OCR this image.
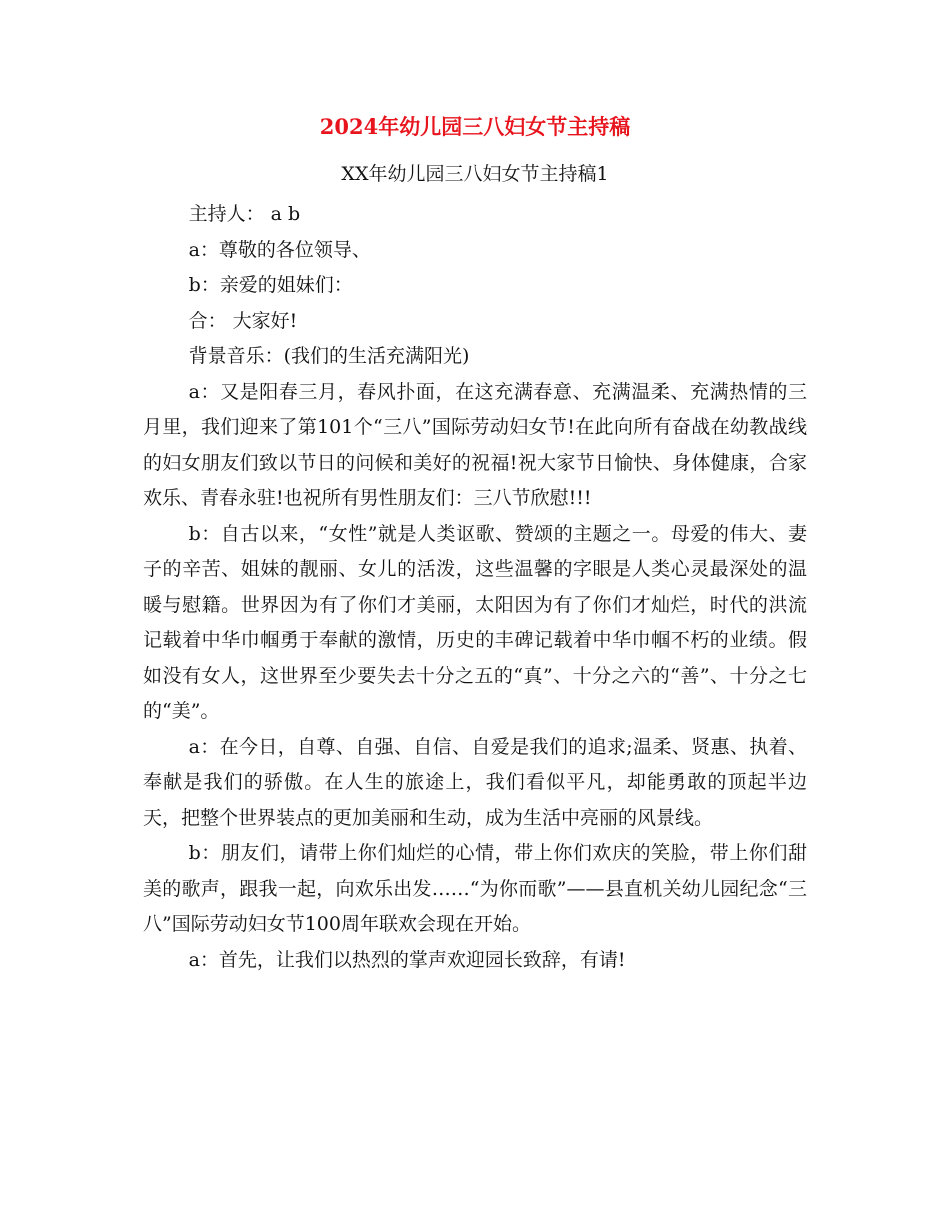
2024年幼儿园三八妇女节主持稿
XX年幼儿园三八妇女节主持稿1

主持人： a b

a：尊敬的各位领导、

b：亲爱的姐妹们：

合： 大家好!

背景音乐：(我们的生活充满阳光)

a：又是阳春三月，春风扑面，在这充满春意、充满温柔、充满热情的三月里，我们迎来了第101个“三八”国际劳动妇女节!在此向所有奋战在幼教战线的妇女朋友们致以节日的问候和美好的祝福!祝大家节日愉快、身体健康，合家欢乐、青春永驻!也祝所有男性朋友们：三八节欣慰!!!

b：自古以来，“女性”就是人类讴歌、赞颂的主题之一。母爱的伟大、妻子的辛苦、姐妹的靓丽、女儿的活泼，这些温馨的字眼是人类心灵最深处的温暖与慰籍。世界因为有了你们才美丽，太阳因为有了你们才灿烂，时代的洪流记载着中华巾帼勇于奉献的激情，历史的丰碑记载着中华巾帼不朽的业绩。假如没有女人，这世界至少要失去十分之五的“真”、十分之六的“善”、十分之七的“美”。

a：在今日，自尊、自强、自信、自爱是我们的追求;温柔、贤惠、执着、奉献是我们的骄傲。在人生的旅途上，我们看似平凡，却能勇敢的顶起半边天，把整个世界装点的更加美丽和生动，成为生活中亮丽的风景线。

b：朋友们，请带上你们灿烂的心情，带上你们欢庆的笑脸，带上你们甜美的歌声，跟我一起，向欢乐出发……“为你而歌”——县直机关幼儿园纪念“三八”国际劳动妇女节100周年联欢会现在开始。

a：首先，让我们以热烈的掌声欢迎园长致辞，有请!
